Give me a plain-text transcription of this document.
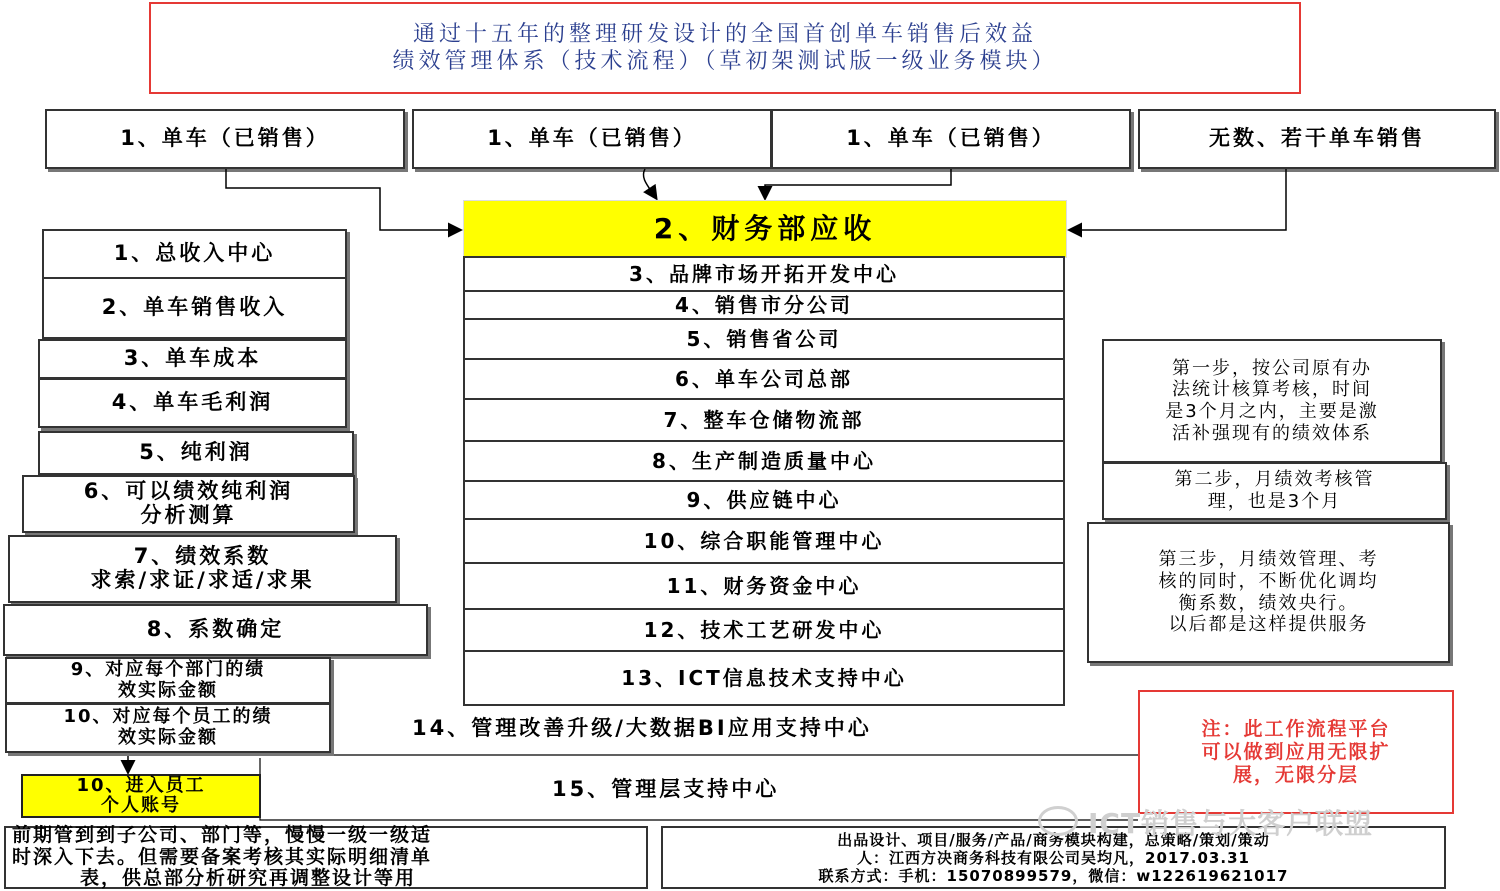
通过十五年的整理研发设计的全国首创单车销售后效益
绩效管理体系（技术流程）（草初架测试版一级业务模块）
1、单车（已销售）	1、单车（已销售）	1、单车（已销售）	无数、若干单车销售
2、财务部应收
3、品牌市场开拓开发中心
4、销售市分公司
5、销售省公司
6、单车公司总部
7、整车仓储物流部
8、生产制造质量中心
9、供应链中心
10、综合职能管理中心
11、财务资金中心
12、技术工艺研发中心
13、ICT信息技术支持中心
14、管理改善升级/大数据BI应用支持中心
15、管理层支持中心
1、总收入中心
2、单车销售收入
3、单车成本
4、单车毛利润
5、纯利润
6、可以绩效纯利润
分析测算
7、绩效系数
求索/求证/求适/求果
8、系数确定
9、对应每个部门的绩
效实际金额
10、对应每个员工的绩
效实际金额
10、进入员工
个人账号
第一步，按公司原有办
法统计核算考核，时间
是3个月之内，主要是激
活补强现有的绩效体系
第二步，月绩效考核管
理，也是3个月
第三步，月绩效管理、考
核的同时，不断优化调均
衡系数，绩效央行。
以后都是这样提供服务
注：此工作流程平台
可以做到应用无限扩
展，无限分层
前期管到到子公司、部门等，慢慢一级一级适
时深入下去。但需要备案考核其实际明细清单
表，供总部分析研究再调整设计等用
出品设计、项目/服务/产品/商务模块构建，总策略/策划/策动
人：江西方决商务科技有限公司吴均凡，2017.03.31
联系方式：手机：15070899579，微信：w122619621017
ICT销售与大客户联盟
